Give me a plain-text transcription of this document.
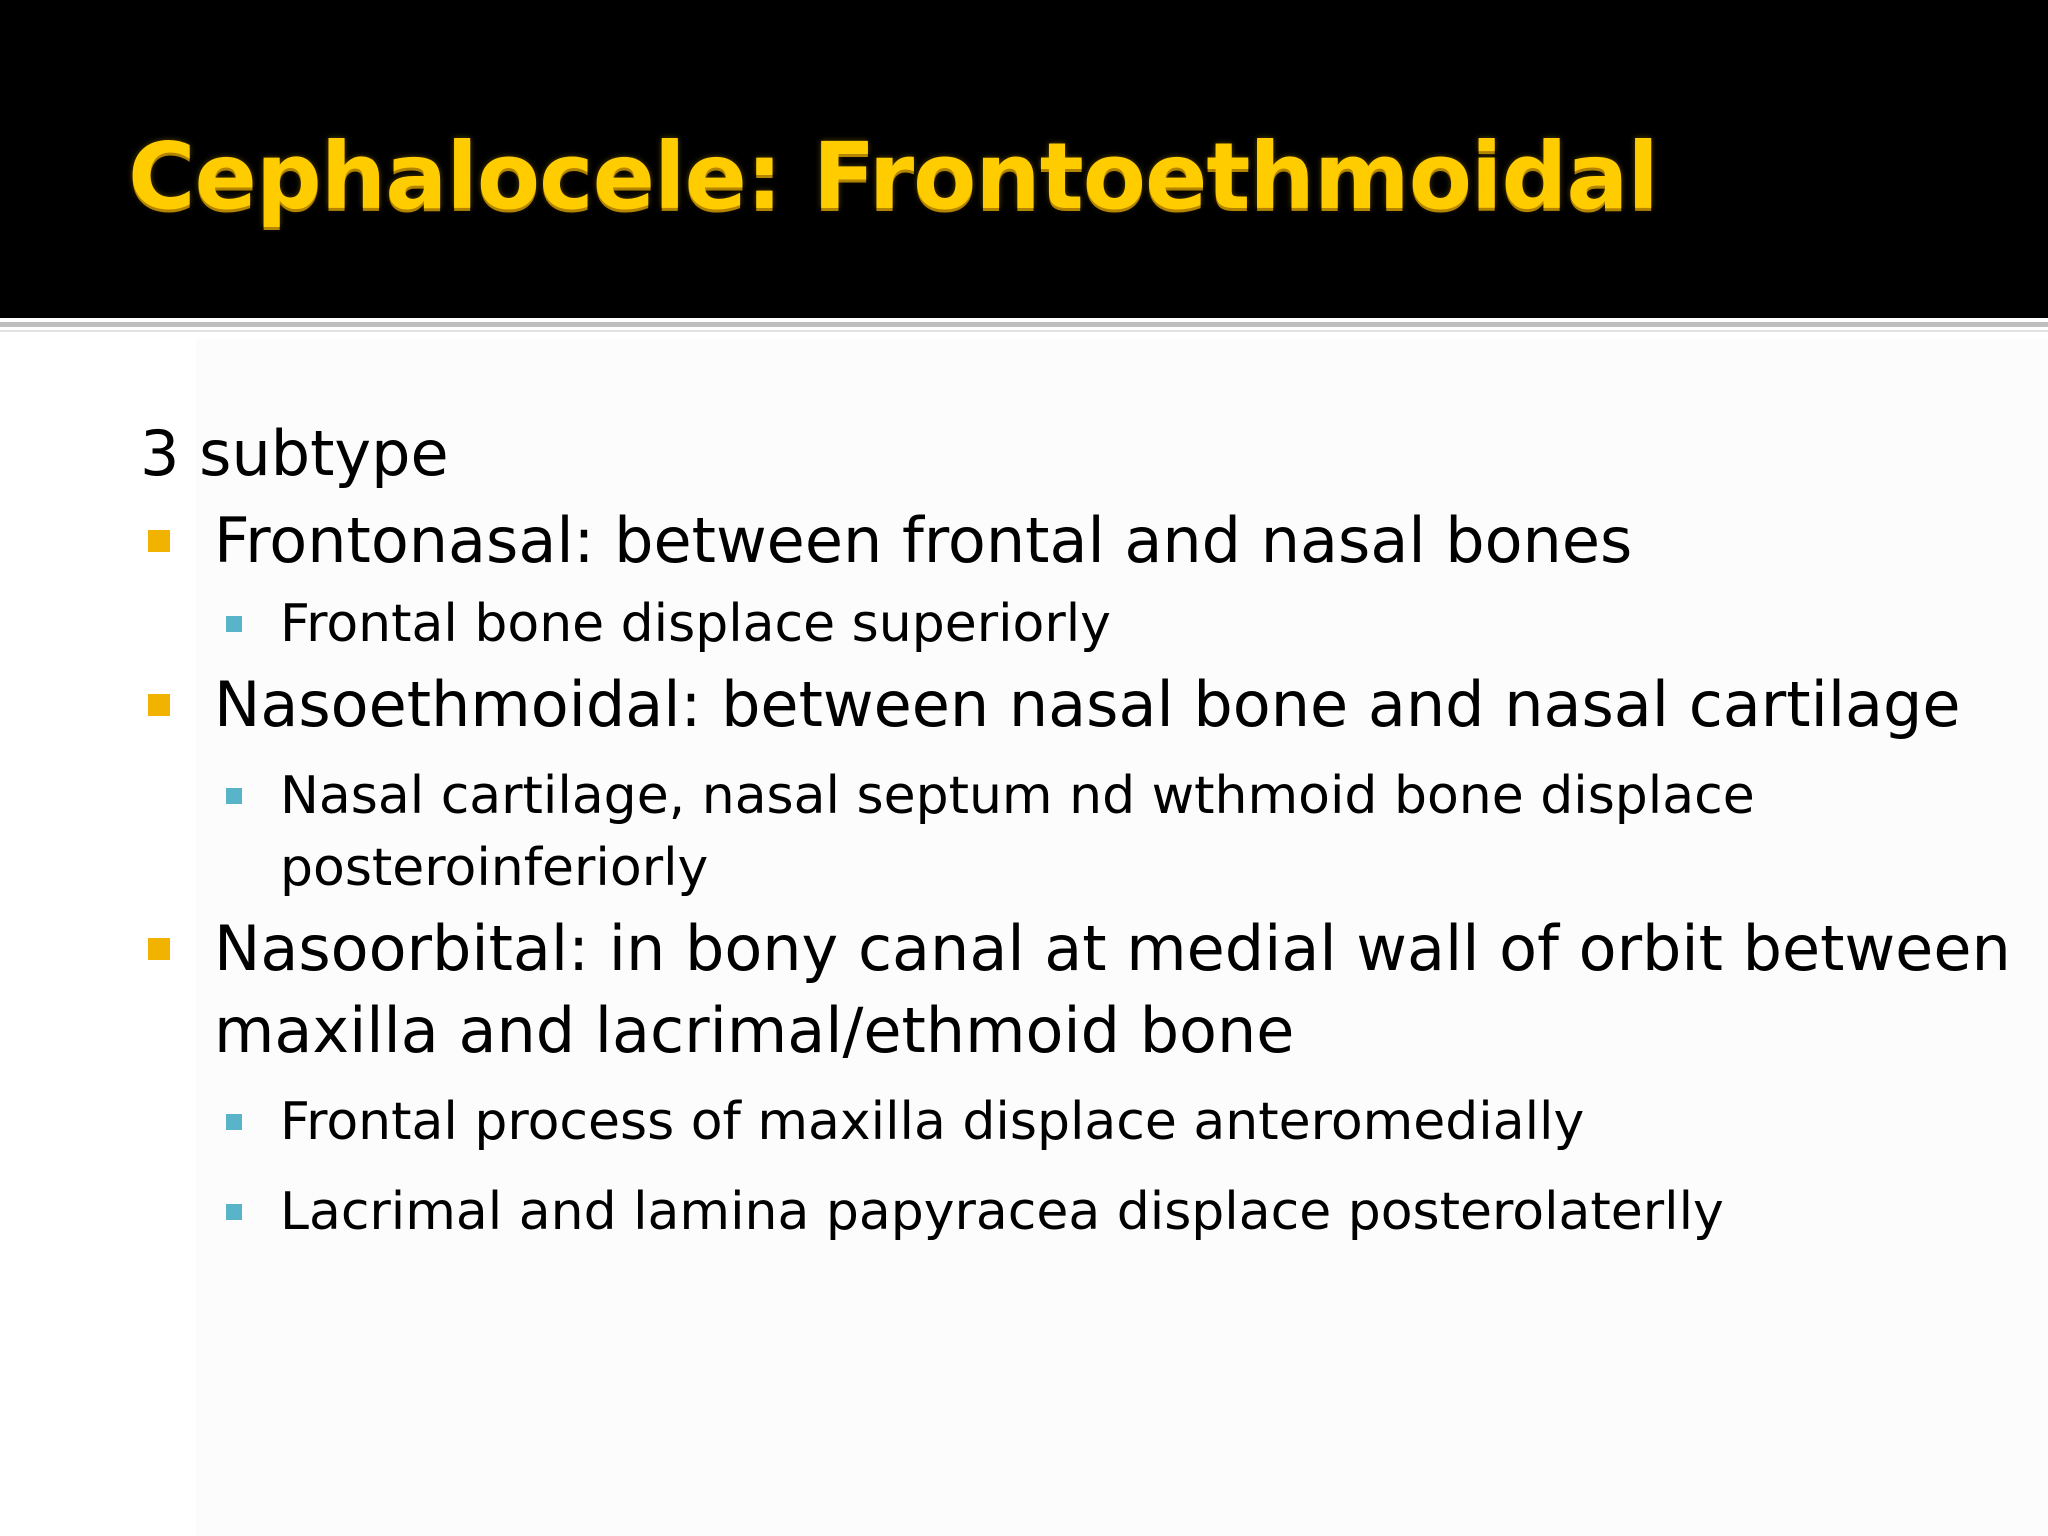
Cephalocele: Frontoethmoidal

3 subtype

Frontonasal: between frontal and nasal bones
Frontal bone displace superiorly
Nasoethmoidal: between nasal bone and nasal cartilage
Nasal cartilage, nasal septum nd wthmoid bone displace posteroinferiorly
Nasoorbital: in bony canal at medial wall of orbit between maxilla and lacrimal/ethmoid bone
Frontal process of maxilla displace anteromedially
Lacrimal and lamina papyracea displace posterolaterlly
